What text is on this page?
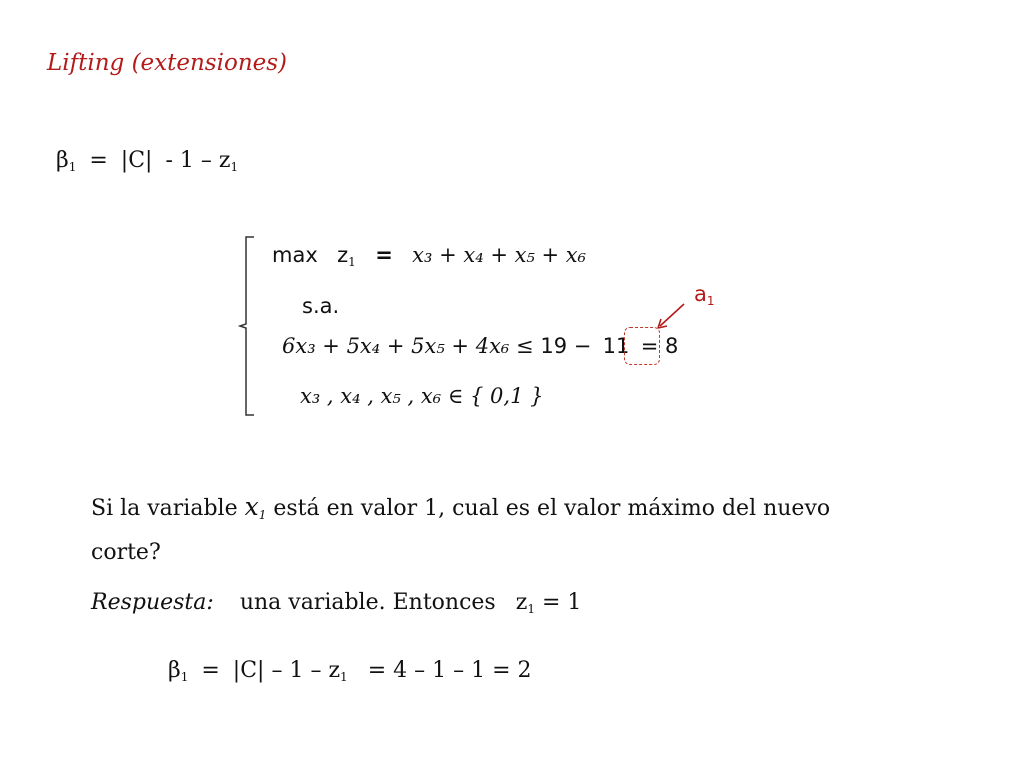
Lifting (extensiones)
$\beta_1 = |C| - 1 - z_1$
$\max z_1 = x_3 + x_4 + x_5 + x_6$
s.a.
6x₃ + 5x₄ + 5x₅ + 4x₆ ≤ 19 − 11 = 8
x₃ , x₄ , x₅ , x₆ ∈ { 0,1 }
$a_1$
Si la variable $x_1$ está en valor 1, cual es el valor máximo del nuevo corte?
Respuesta: una variable. Entonces $z_1 = 1$
$\beta_1 = |C| - 1 - z_1 = 4 - 1 - 1 = 2$
